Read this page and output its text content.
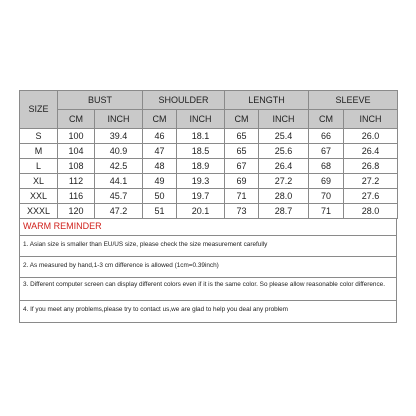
SIZE	BUST		SHOULDER		LENGTH		SLEEVE	
	CM	INCH	CM	INCH	CM	INCH	CM	INCH
S	100	39.4	46	18.1	65	25.4	66	26.0
M	104	40.9	47	18.5	65	25.6	67	26.4
L	108	42.5	48	18.9	67	26.4	68	26.8
XL	112	44.1	49	19.3	69	27.2	69	27.2
XXL	116	45.7	50	19.7	71	28.0	70	27.6
XXXL	120	47.2	51	20.1	73	28.7	71	28.0
WARM REMINDER
1. Asian size is smaller than EU/US size, please check the size measurement carefully
2. As measured by hand,1-3 cm difference is allowed (1cm=0.39inch)
3. Different computer screen can display different colors even if it is the same color. So please allow reasonable color difference.
4. If you meet any problems,please try to contact us,we are glad to help you deal any problem
